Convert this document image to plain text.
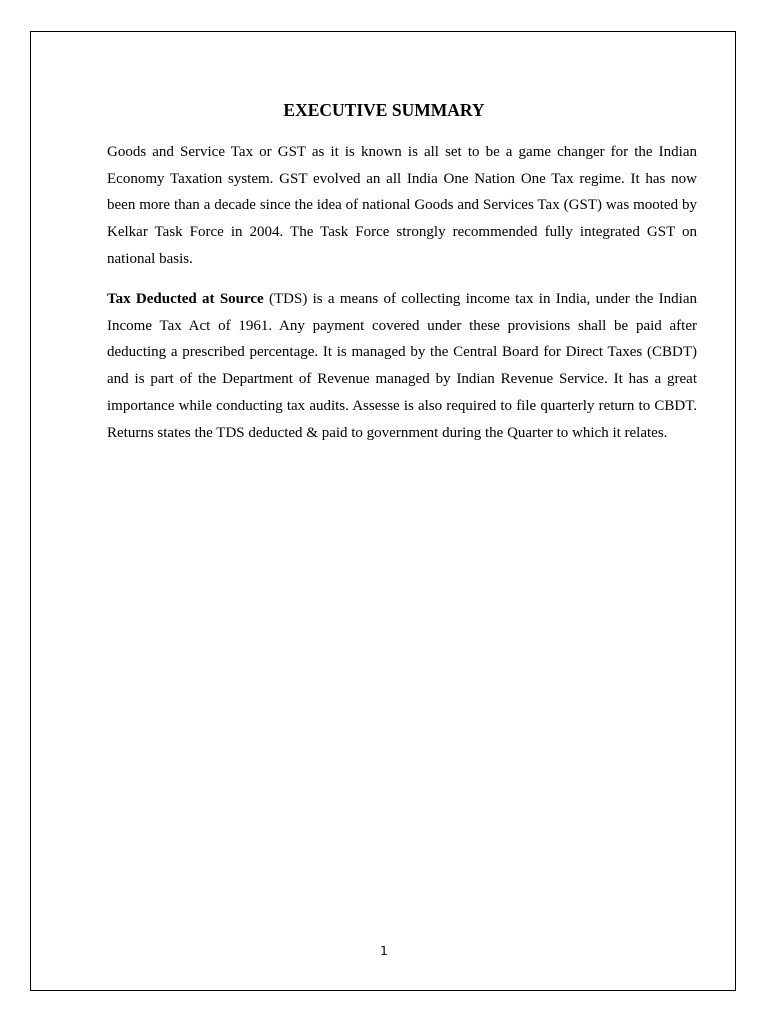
EXECUTIVE SUMMARY

Goods and Service Tax or GST as it is known is all set to be a game changer for the Indian Economy Taxation system. GST evolved an all India One Nation One Tax regime. It has now been more than a decade since the idea of national Goods and Services Tax (GST) was mooted by Kelkar Task Force in 2004. The Task Force strongly recommended fully integrated GST on national basis.

Tax Deducted at Source (TDS) is a means of collecting income tax in India, under the Indian Income Tax Act of 1961. Any payment covered under these provisions shall be paid after deducting a prescribed percentage. It is managed by the Central Board for Direct Taxes (CBDT) and is part of the Department of Revenue managed by Indian Revenue Service. It has a great importance while conducting tax audits. Assesse is also required to file quarterly return to CBDT. Returns states the TDS deducted & paid to government during the Quarter to which it relates.

1
